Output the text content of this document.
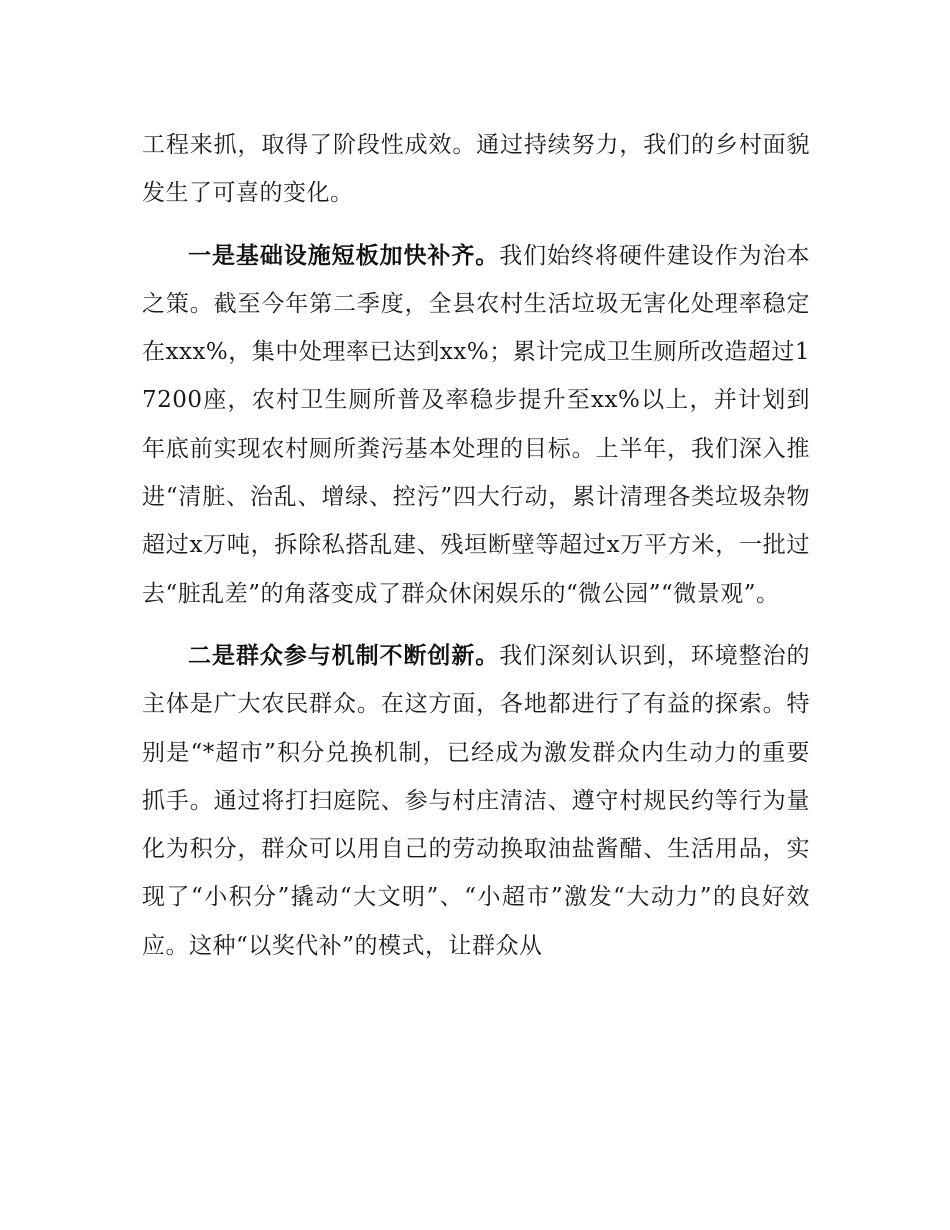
工程来抓，取得了阶段性成效。通过持续努力，我们的乡村面貌发生了可喜的变化。

一是基础设施短板加快补齐。我们始终将硬件建设作为治本之策。截至今年第二季度，全县农村生活垃圾无害化处理率稳定在xxx%，集中处理率已达到xx%；累计完成卫生厕所改造超过17200座，农村卫生厕所普及率稳步提升至xx%以上，并计划到年底前实现农村厕所粪污基本处理的目标。上半年，我们深入推进“清脏、治乱、增绿、控污”四大行动，累计清理各类垃圾杂物超过x万吨，拆除私搭乱建、残垣断壁等超过x万平方米，一批过去“脏乱差”的角落变成了群众休闲娱乐的“微公园”“微景观”。

二是群众参与机制不断创新。我们深刻认识到，环境整治的主体是广大农民群众。在这方面，各地都进行了有益的探索。特别是“*超市”积分兑换机制，已经成为激发群众内生动力的重要抓手。通过将打扫庭院、参与村庄清洁、遵守村规民约等行为量化为积分，群众可以用自己的劳动换取油盐酱醋、生活用品，实现了“小积分”撬动“大文明”、“小超市”激发“大动力”的良好效应。这种“以奖代补”的模式，让群众从
